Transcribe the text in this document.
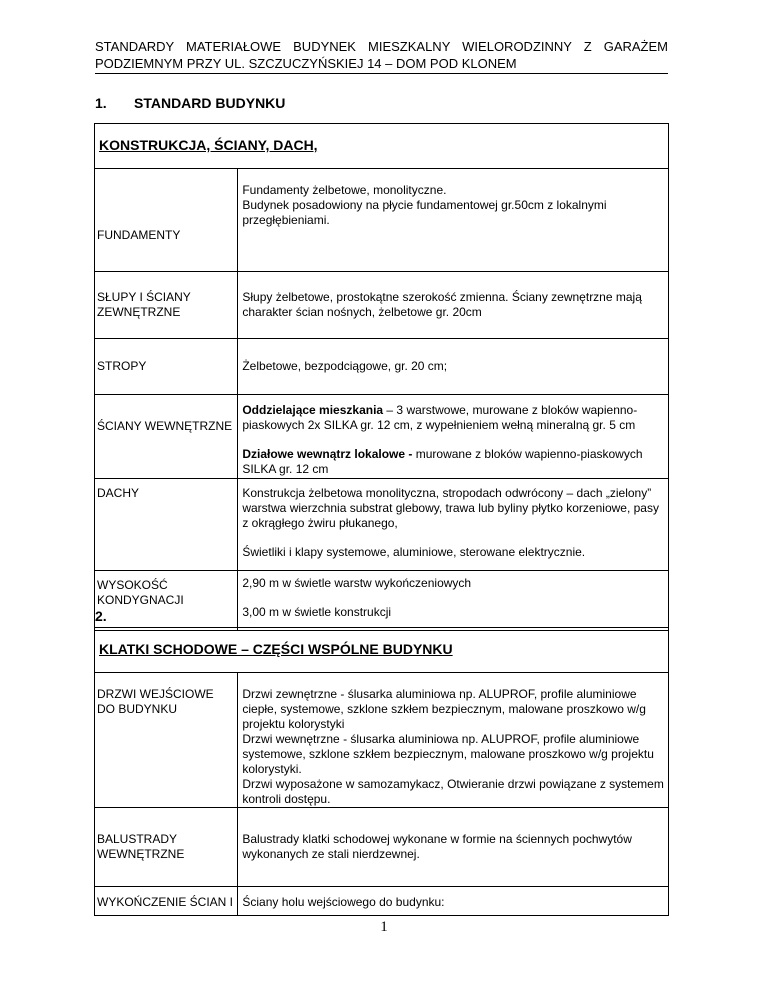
STANDARDY MATERIAŁOWE BUDYNEK MIESZKALNY WIELORODZINNY Z GARAŻEM
PODZIEMNYM PRZY UL. SZCZUCZYŃSKIEJ 14 – DOM POD KLONEM
1. STANDARD BUDYNKU
KONSTRUKCJA, ŚCIANY, DACH,	

FUNDAMENTY	Fundamenty żelbetowe, monolityczne.
Budynek posadowiony na płycie fundamentowej gr.50cm z lokalnymi przegłębieniami.

SŁUPY I ŚCIANY ZEWNĘTRZNE	Słupy żelbetowe, prostokątne szerokość zmienna. Ściany zewnętrzne mają charakter ścian nośnych, żelbetowe gr. 20cm

STROPY	Żelbetowe, bezpodciągowe, gr. 20 cm;

ŚCIANY WEWNĘTRZNE	Oddzielające mieszkania – 3 warstwowe, murowane z bloków wapienno-piaskowych 2x SILKA gr. 12 cm, z wypełnieniem wełną mineralną gr. 5 cm
Działowe wewnątrz lokalowe - murowane z bloków wapienno-piaskowych SILKA gr. 12 cm

DACHY	Konstrukcja żelbetowa monolityczna, stropodach odwrócony – dach „zielony” warstwa wierzchnia substrat glebowy, trawa lub byliny płytko korzeniowe, pasy z okrągłego żwiru płukanego,
Świetliki i klapy systemowe, aluminiowe, sterowane elektrycznie.

WYSOKOŚĆ KONDYGNACJI	2,90 m w świetle warstw wykończeniowych
3,00 m w świetle konstrukcji
2.
KLATKI SCHODOWE – CZĘŚCI WSPÓLNE BUDYNKU	

DRZWI WEJŚCIOWE DO BUDYNKU	Drzwi zewnętrzne - ślusarka aluminiowa np. ALUPROF, profile aluminiowe ciepłe, systemowe, szklone szkłem bezpiecznym, malowane proszkowo w/g projektu kolorystyki
Drzwi wewnętrzne - ślusarka aluminiowa np. ALUPROF, profile aluminiowe systemowe, szklone szkłem bezpiecznym, malowane proszkowo w/g projektu kolorystyki.
Drzwi wyposażone w samozamykacz, Otwieranie drzwi powiązane z systemem kontroli dostępu.

BALUSTRADY WEWNĘTRZNE	Balustrady klatki schodowej wykonane w formie na ściennych pochwytów wykonanych ze stali nierdzewnej.

WYKOŃCZENIE ŚCIAN I	Ściany holu wejściowego do budynku:
1
